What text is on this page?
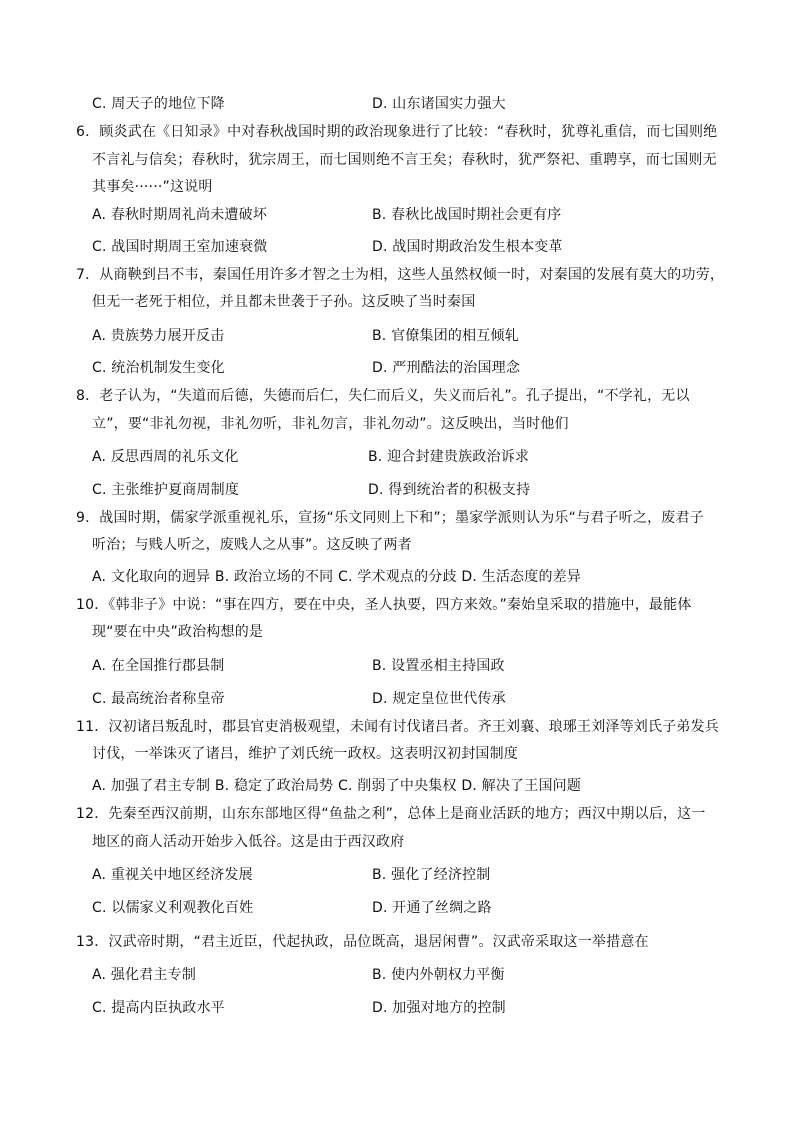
C. 周天子的地位下降	D. 山东诸国实力强大
6．顾炎武在《日知录》中对春秋战国时期的政治现象进行了比较：“春秋时，犹尊礼重信，而七国则绝
不言礼与信矣；春秋时，犹宗周王，而七国则绝不言王矣；春秋时，犹严祭祀、重聘享，而七国则无
其事矣······”这说明
A. 春秋时期周礼尚未遭破坏	B. 春秋比战国时期社会更有序
C. 战国时期周王室加速衰微	D. 战国时期政治发生根本变革
7．从商鞅到吕不韦，秦国任用许多才智之士为相，这些人虽然权倾一时，对秦国的发展有莫大的功劳，
但无一老死于相位，并且都未世袭于子孙。这反映了当时秦国
A. 贵族势力展开反击	B. 官僚集团的相互倾轧
C. 统治机制发生变化	D. 严刑酷法的治国理念
8．老子认为，“失道而后德，失德而后仁，失仁而后义，失义而后礼”。孔子提出，“不学礼，无以
立”，要“非礼勿视，非礼勿听，非礼勿言，非礼勿动”。这反映出，当时他们
A. 反思西周的礼乐文化	B. 迎合封建贵族政治诉求
C. 主张维护夏商周制度	D. 得到统治者的积极支持
9．战国时期，儒家学派重视礼乐，宣扬“乐文同则上下和”；墨家学派则认为乐“与君子听之，废君子
听治；与贱人听之，废贱人之从事”。这反映了两者
A. 文化取向的迥异 B. 政治立场的不同 C. 学术观点的分歧 D. 生活态度的差异
10．《韩非子》中说：“事在四方，要在中央，圣人执要，四方来效。”秦始皇采取的措施中，最能体
现“要在中央”政治构想的是
A. 在全国推行郡县制	B. 设置丞相主持国政
C. 最高统治者称皇帝	D. 规定皇位世代传承
11．汉初诸吕叛乱时，郡县官吏消极观望，未闻有讨伐诸吕者。齐王刘襄、琅琊王刘泽等刘氏子弟发兵
讨伐，一举诛灭了诸吕，维护了刘氏统一政权。这表明汉初封国制度
A. 加强了君主专制 B. 稳定了政治局势 C. 削弱了中央集权 D. 解决了王国问题
12．先秦至西汉前期，山东东部地区得“鱼盐之利”，总体上是商业活跃的地方；西汉中期以后，这一
地区的商人活动开始步入低谷。这是由于西汉政府
A. 重视关中地区经济发展	B. 强化了经济控制
C. 以儒家义利观教化百姓	D. 开通了丝绸之路
13．汉武帝时期，“君主近臣，代起执政，品位既高，退居闲曹”。汉武帝采取这一举措意在
A. 强化君主专制	B. 使内外朝权力平衡
C. 提高内臣执政水平	D. 加强对地方的控制
